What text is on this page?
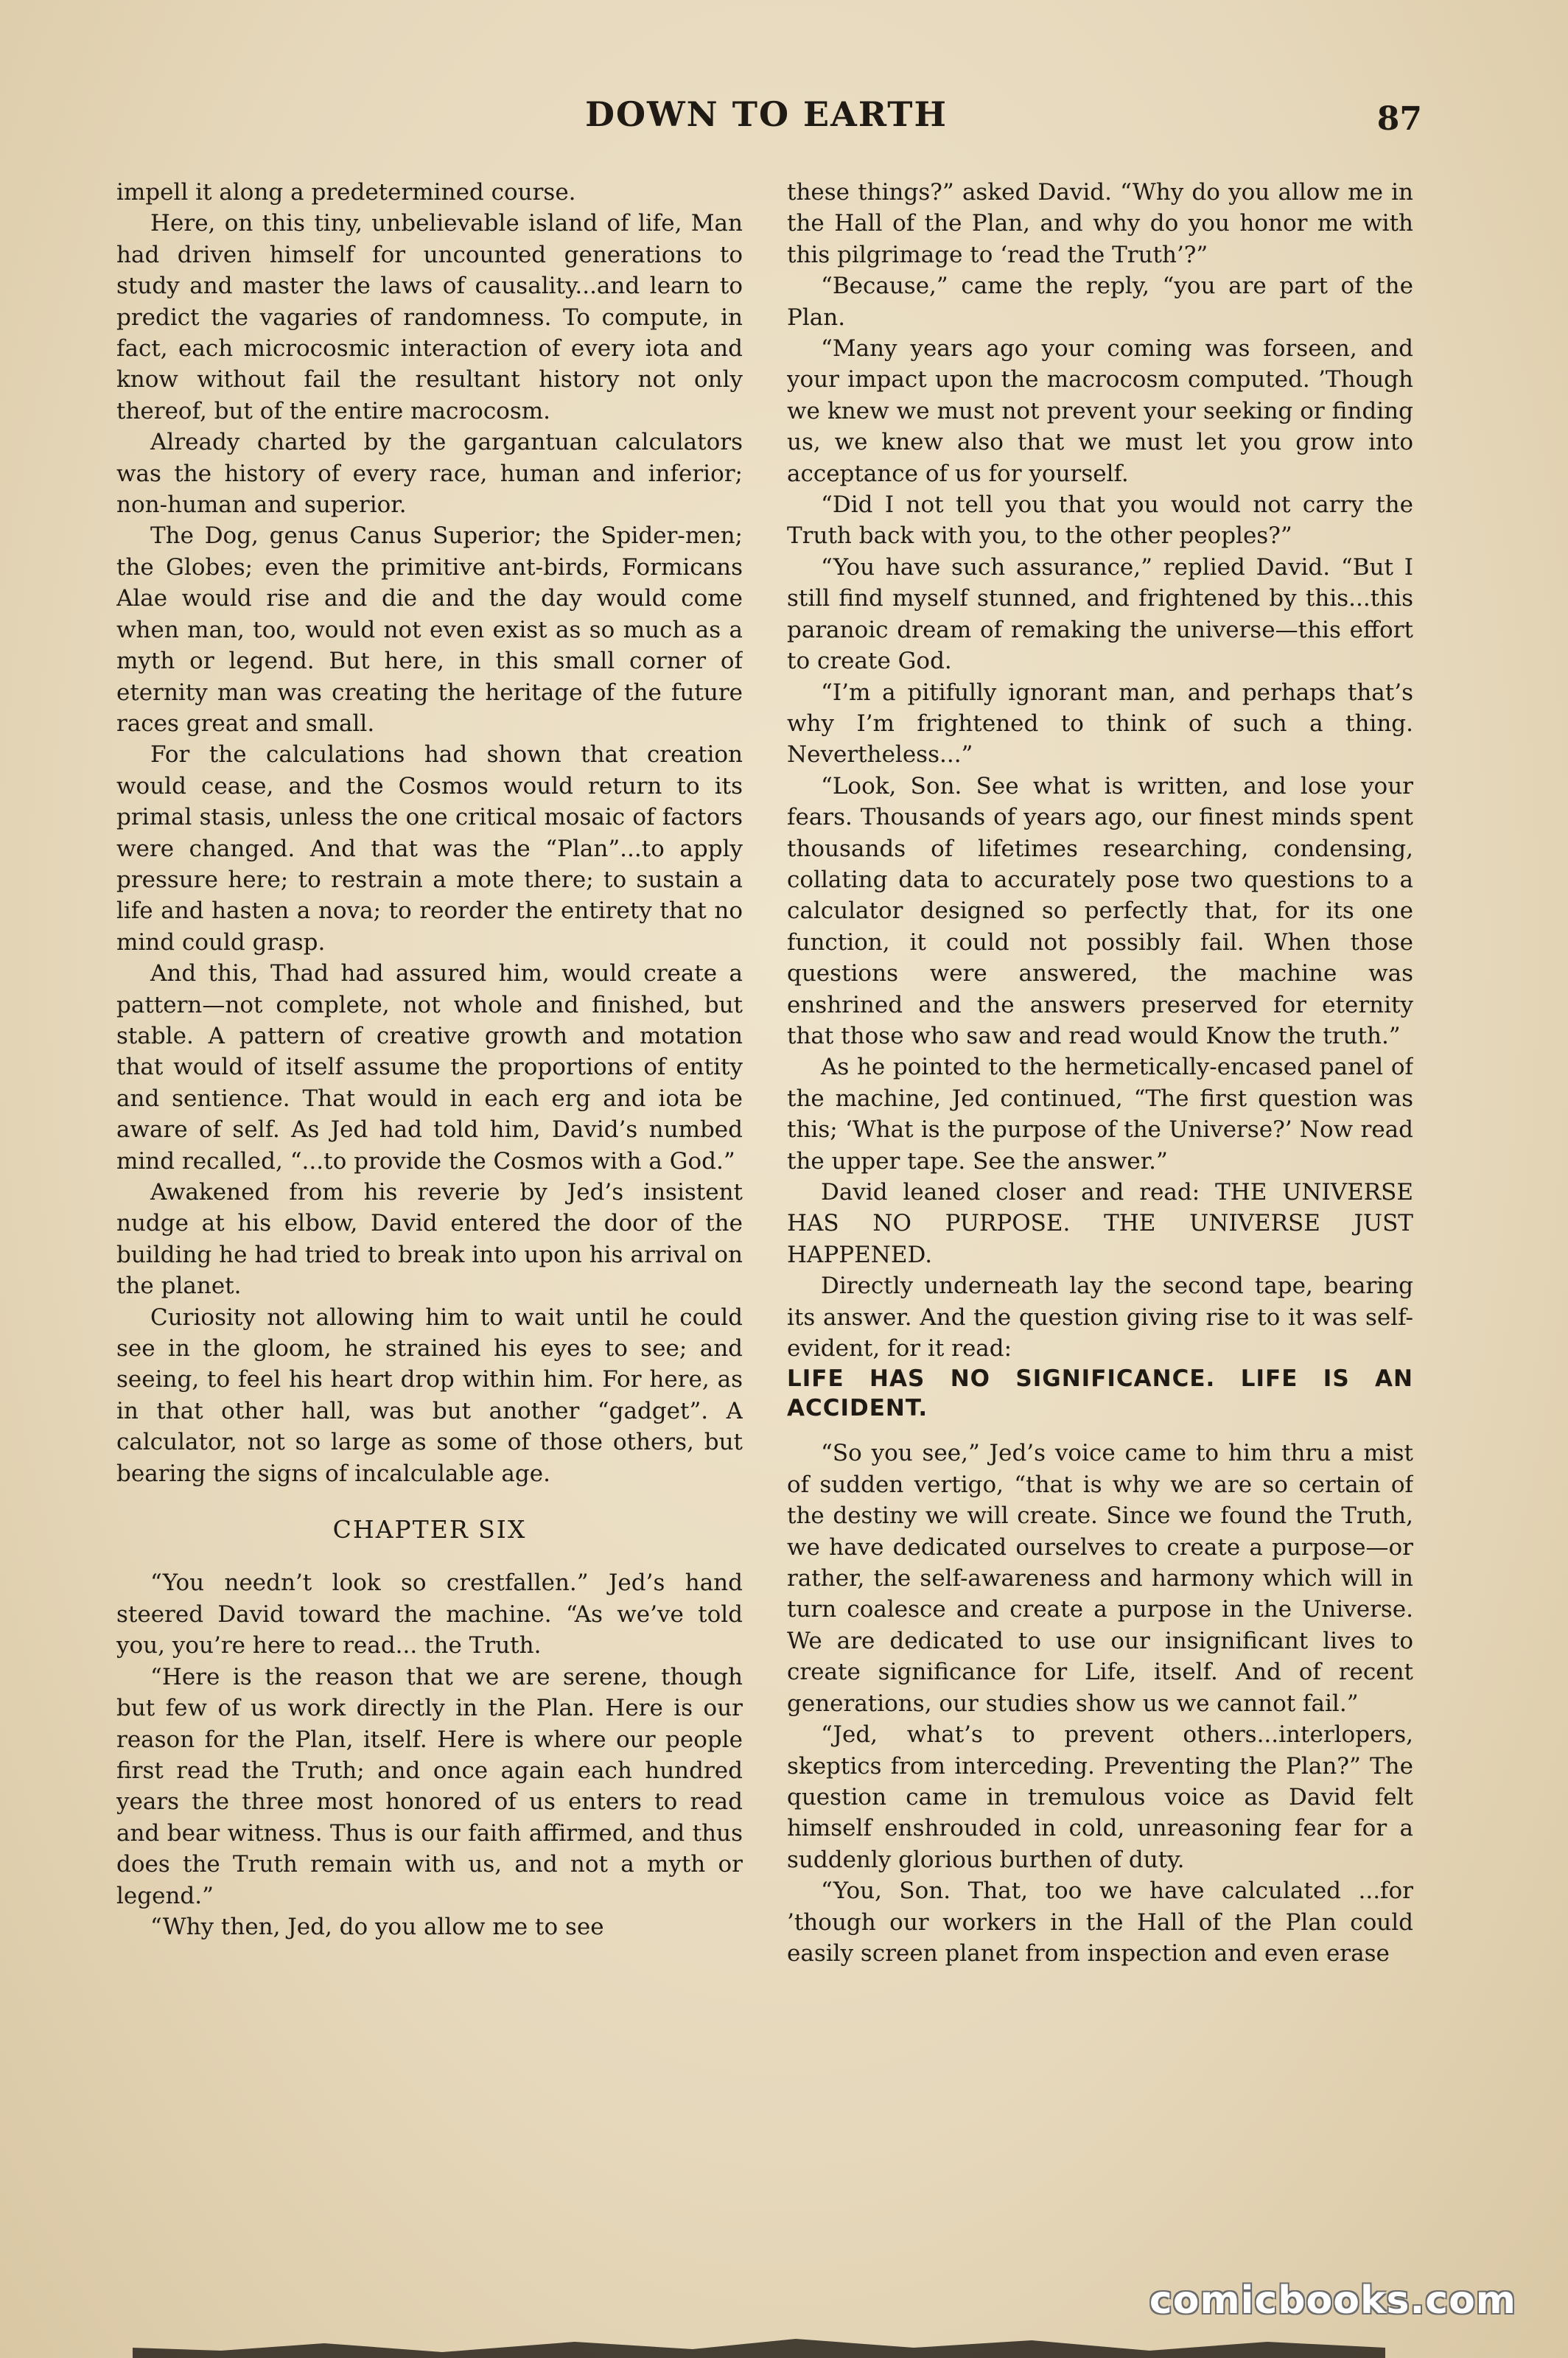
DOWN TO EARTH	87

impell it along a predetermined course.

Here, on this tiny, unbelievable island of life, Man had driven himself for uncounted generations to study and master the laws of causality...and learn to predict the vagaries of randomness. To compute, in fact, each microcosmic interaction of every iota and know without fail the resultant history not only thereof, but of the entire macrocosm.

Already charted by the gargantuan calculators was the history of every race, human and inferior; non-human and superior.

The Dog, genus Canus Superior; the Spider-men; the Globes; even the primitive ant-birds, Formicans Alae would rise and die and the day would come when man, too, would not even exist as so much as a myth or legend. But here, in this small corner of eternity man was creating the heritage of the future races great and small.

For the calculations had shown that creation would cease, and the Cosmos would return to its primal stasis, unless the one critical mosaic of factors were changed. And that was the “Plan”...to apply pressure here; to restrain a mote there; to sustain a life and hasten a nova; to reorder the entirety that no mind could grasp.

And this, Thad had assured him, would create a pattern—not complete, not whole and finished, but stable. A pattern of creative growth and motation that would of itself assume the proportions of entity and sentience. That would in each erg and iota be aware of self. As Jed had told him, David’s numbed mind recalled, “...to provide the Cosmos with a God.”

Awakened from his reverie by Jed’s insistent nudge at his elbow, David entered the door of the building he had tried to break into upon his arrival on the planet.

Curiosity not allowing him to wait until he could see in the gloom, he strained his eyes to see; and seeing, to feel his heart drop within him. For here, as in that other hall, was but another “gadget”. A calculator, not so large as some of those others, but bearing the signs of incalculable age.

CHAPTER SIX

“You needn’t look so crestfallen.” Jed’s hand steered David toward the machine. “As we’ve told you, you’re here to read... the Truth.

“Here is the reason that we are serene, though but few of us work directly in the Plan. Here is our reason for the Plan, itself. Here is where our people first read the Truth; and once again each hundred years the three most honored of us enters to read and bear witness. Thus is our faith affirmed, and thus does the Truth remain with us, and not a myth or legend.”

“Why then, Jed, do you allow me to see

these things?” asked David. “Why do you allow me in the Hall of the Plan, and why do you honor me with this pilgrimage to ‘read the Truth’?”

“Because,” came the reply, “you are part of the Plan.

“Many years ago your coming was forseen, and your impact upon the macrocosm computed. ’Though we knew we must not prevent your seeking or finding us, we knew also that we must let you grow into acceptance of us for yourself.

“Did I not tell you that you would not carry the Truth back with you, to the other peoples?”

“You have such assurance,” replied David. “But I still find myself stunned, and frightened by this...this paranoic dream of remaking the universe—this effort to create God.

“I’m a pitifully ignorant man, and perhaps that’s why I’m frightened to think of such a thing. Nevertheless...”

“Look, Son. See what is written, and lose your fears. Thousands of years ago, our finest minds spent thousands of lifetimes researching, condensing, collating data to accurately pose two questions to a calculator designed so perfectly that, for its one function, it could not possibly fail. When those questions were answered, the machine was enshrined and the answers preserved for eternity that those who saw and read would Know the truth.”

As he pointed to the hermetically-encased panel of the machine, Jed continued, “The first question was this; ‘What is the purpose of the Universe?’ Now read the upper tape. See the answer.”

David leaned closer and read: THE UNIVERSE HAS NO PURPOSE. THE UNIVERSE JUST HAPPENED.

Directly underneath lay the second tape, bearing its answer. And the question giving rise to it was self-evident, for it read:

LIFE HAS NO SIGNIFICANCE. LIFE IS AN ACCIDENT.

“So you see,” Jed’s voice came to him thru a mist of sudden vertigo, “that is why we are so certain of the destiny we will create. Since we found the Truth, we have dedicated ourselves to create a purpose—or rather, the self-awareness and harmony which will in turn coalesce and create a purpose in the Universe. We are dedicated to use our insignificant lives to create significance for Life, itself. And of recent generations, our studies show us we cannot fail.”

“Jed, what’s to prevent others...interlopers, skeptics from interceding. Preventing the Plan?” The question came in tremulous voice as David felt himself enshrouded in cold, unreasoning fear for a suddenly glorious burthen of duty.

“You, Son. That, too we have calculated ...for ’though our workers in the Hall of the Plan could easily screen planet from inspection and even erase

comicbooks.com
